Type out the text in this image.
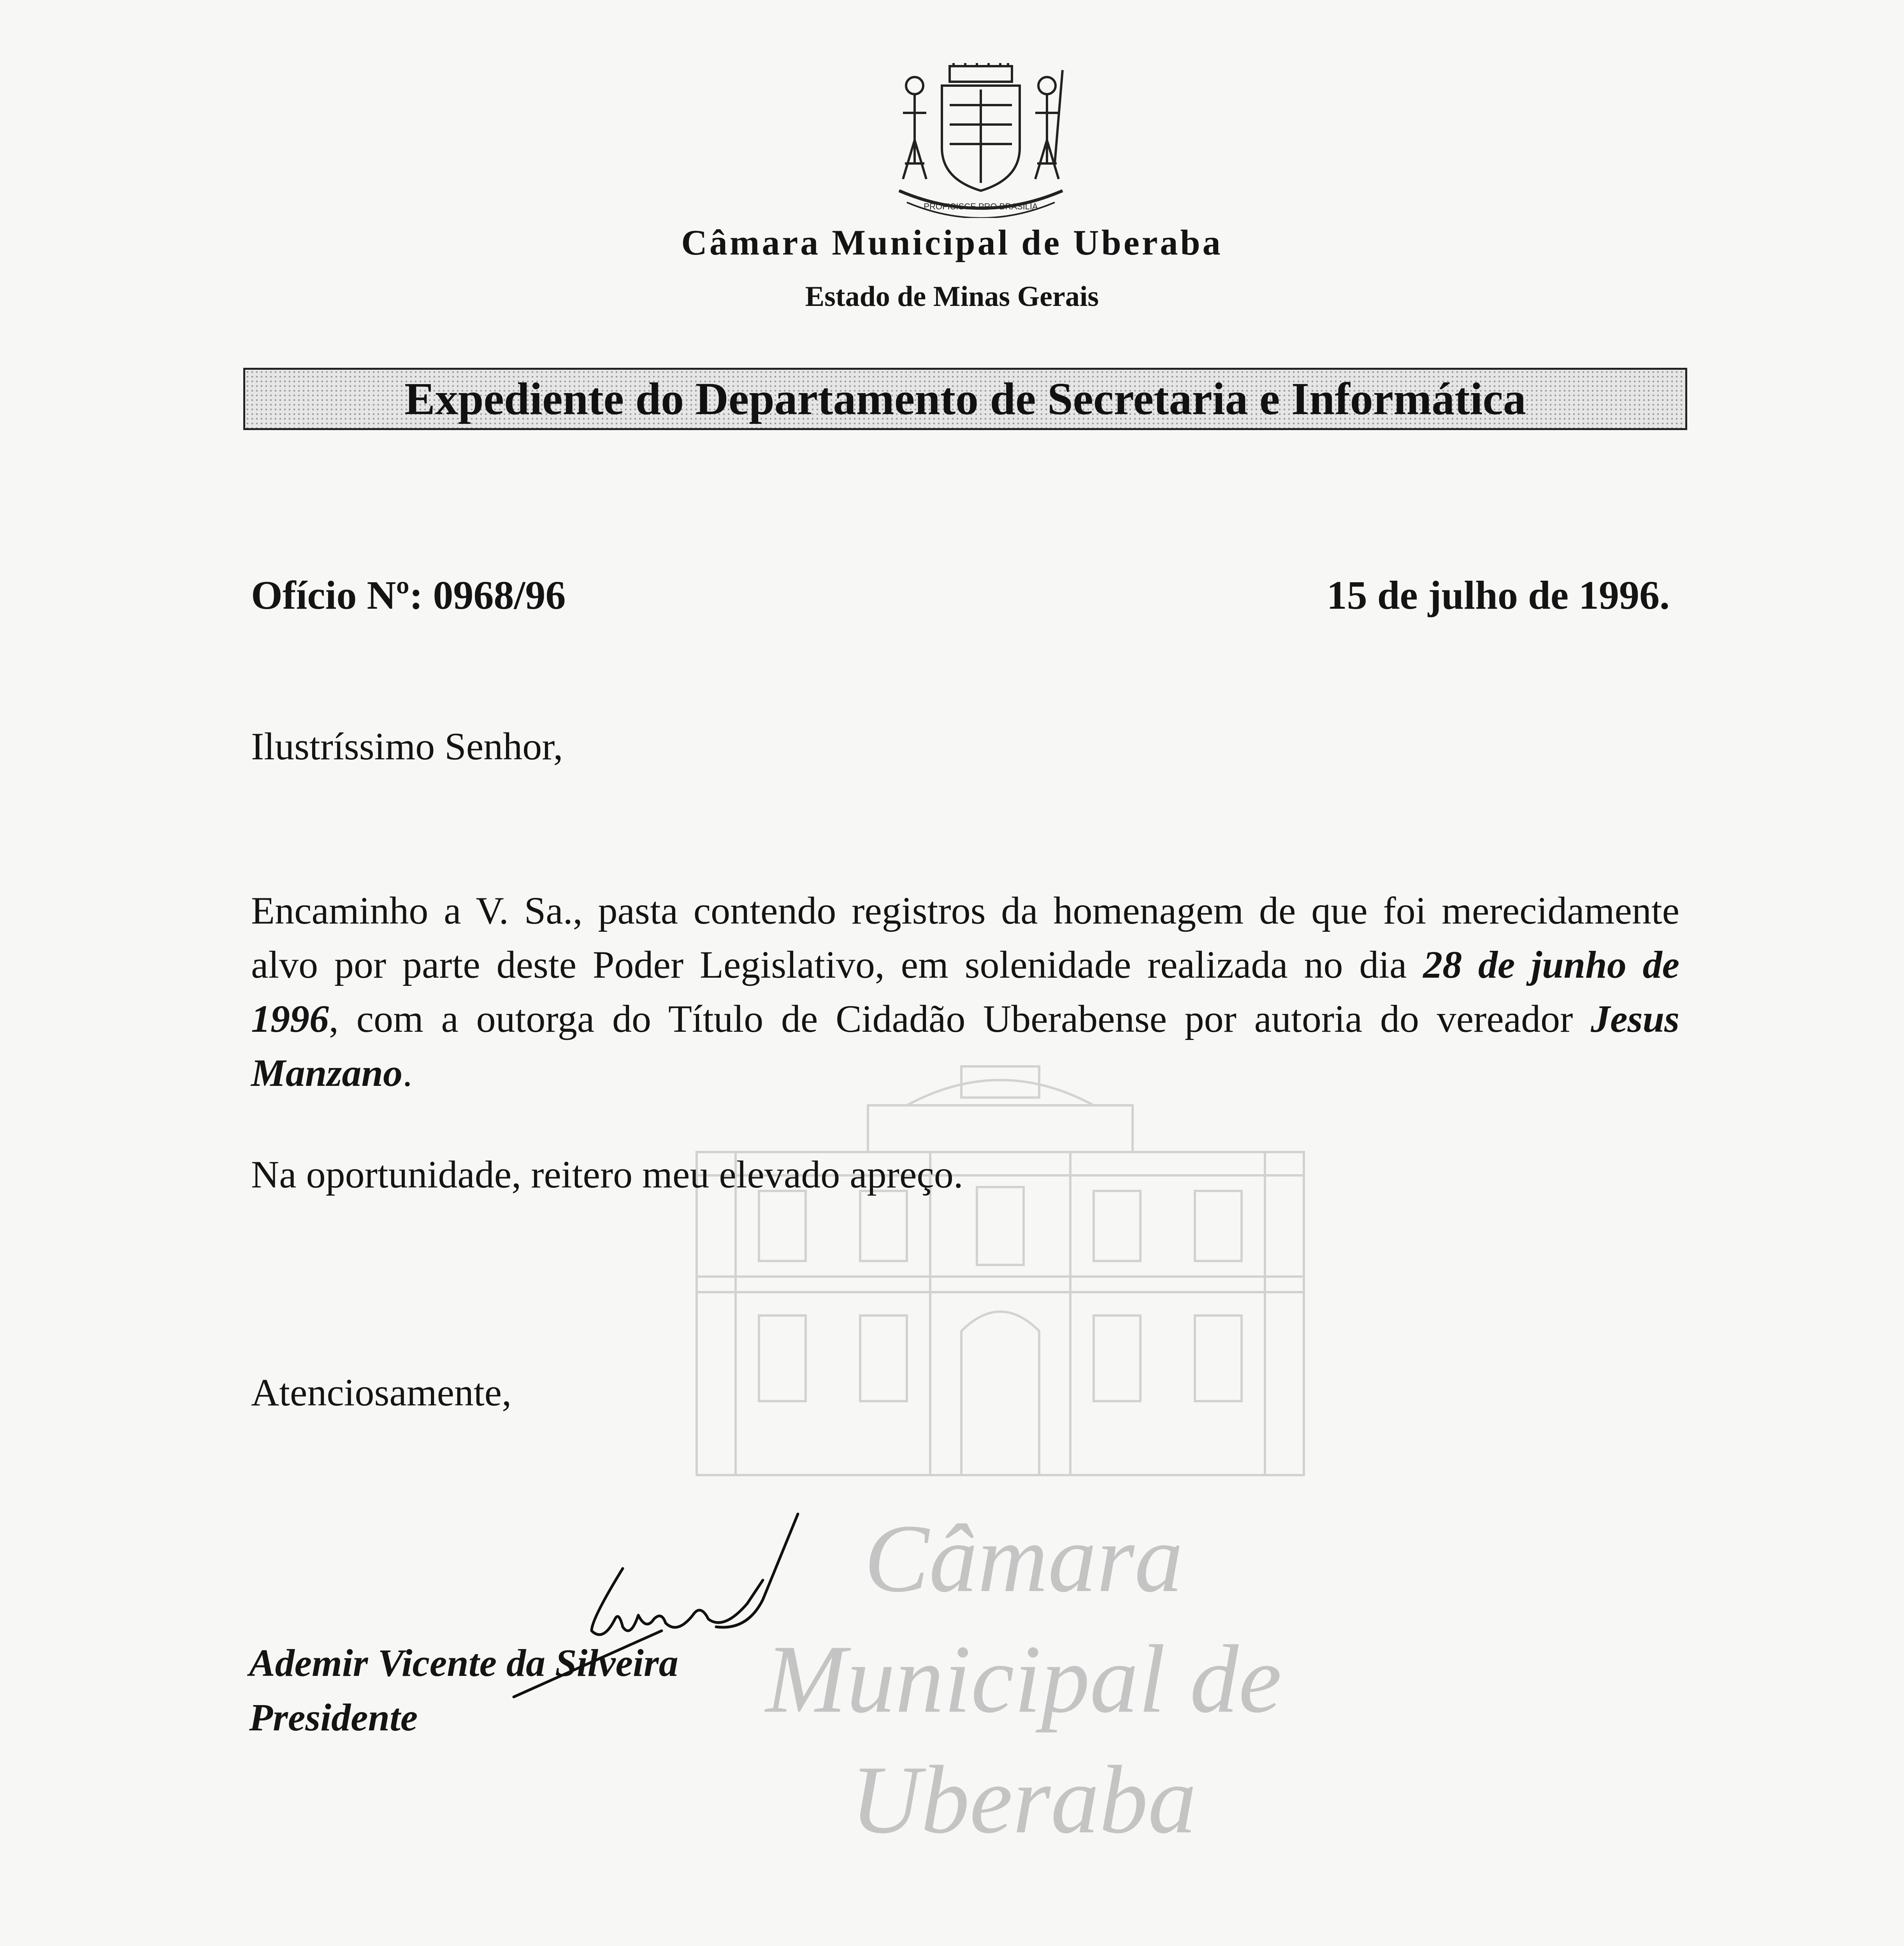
Câmara
Municipal de
Uberaba
PROFICISCE PRO BRASILIA
Câmara Municipal de Uberaba
Estado de Minas Gerais
Expediente do Departamento de Secretaria e Informática
Ofício Nº: 0968/96	15 de julho de 1996.
Ilustríssimo Senhor,
Encaminho a V. Sa., pasta contendo registros da homenagem de que foi merecidamente alvo por parte deste Poder Legislativo, em solenidade realizada no dia 28 de junho de 1996, com a outorga do Título de Cidadão Uberabense por autoria do vereador Jesus Manzano.
Na oportunidade, reitero meu elevado apreço.
Atenciosamente,
Ademir Vicente da Silveira
Presidente
